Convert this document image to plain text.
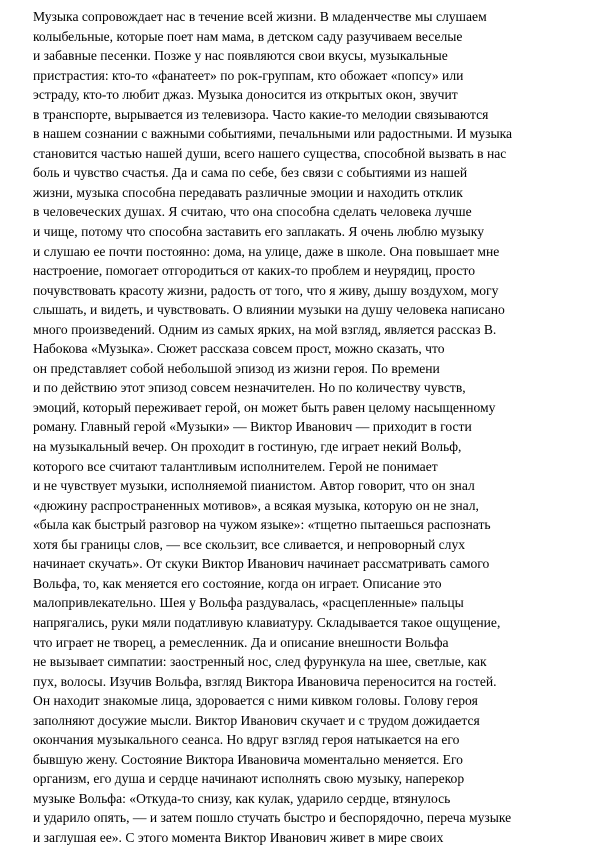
Музыка сопровождает нас в течение всей жизни. В младенчестве мы слушаем
колыбельные, которые поет нам мама, в детском саду разучиваем веселые
и забавные песенки. Позже у нас появляются свои вкусы, музыкальные
пристрастия: кто-то «фанатеет» по рок-группам, кто обожает «попсу» или
эстраду, кто-то любит джаз. Музыка доносится из открытых окон, звучит
в транспорте, вырывается из телевизора. Часто какие-то мелодии связываются
в нашем сознании с важными событиями, печальными или радостными. И музыка
становится частью нашей души, всего нашего существа, способной вызвать в нас
боль и чувство счастья. Да и сама по себе, без связи с событиями из нашей
жизни, музыка способна передавать различные эмоции и находить отклик
в человеческих душах. Я считаю, что она способна сделать человека лучше
и чище, потому что способна заставить его заплакать. Я очень люблю музыку
и слушаю ее почти постоянно: дома, на улице, даже в школе. Она повышает мне
настроение, помогает отгородиться от каких-то проблем и неурядиц, просто
почувствовать красоту жизни, радость от того, что я живу, дышу воздухом, могу
слышать, и видеть, и чувствовать. О влиянии музыки на душу человека написано
много произведений. Одним из самых ярких, на мой взгляд, является рассказ В.
Набокова «Музыка». Сюжет рассказа совсем прост, можно сказать, что
он представляет собой небольшой эпизод из жизни героя. По времени
и по действию этот эпизод совсем незначителен. Но по количеству чувств,
эмоций, который переживает герой, он может быть равен целому насыщенному
роману. Главный герой «Музыки» — Виктор Иванович — приходит в гости
на музыкальный вечер. Он проходит в гостиную, где играет некий Вольф,
которого все считают талантливым исполнителем. Герой не понимает
и не чувствует музыки, исполняемой пианистом. Автор говорит, что он знал
«дюжину распространенных мотивов», а всякая музыка, которую он не знал,
«была как быстрый разговор на чужом языке»: «тщетно пытаешься распознать
хотя бы границы слов, — все скользит, все сливается, и непроворный слух
начинает скучать». От скуки Виктор Иванович начинает рассматривать самого
Вольфа, то, как меняется его состояние, когда он играет. Описание это
малопривлекательно. Шея у Вольфа раздувалась, «расцепленные» пальцы
напрягались, руки мяли податливую клавиатуру. Складывается такое ощущение,
что играет не творец, а ремесленник. Да и описание внешности Вольфа
не вызывает симпатии: заостренный нос, след фурункула на шее, светлые, как
пух, волосы. Изучив Вольфа, взгляд Виктора Ивановича переносится на гостей.
Он находит знакомые лица, здоровается с ними кивком головы. Голову героя
заполняют досужие мысли. Виктор Иванович скучает и с трудом дожидается
окончания музыкального сеанса. Но вдруг взгляд героя натыкается на его
бывшую жену. Состояние Виктора Ивановича моментально меняется. Его
организм, его душа и сердце начинают исполнять свою музыку, наперекор
музыке Вольфа: «Откуда-то снизу, как кулак, ударило сердце, втянулось
и ударило опять, — и затем пошло стучать быстро и беспорядочно, перечa музыке
и заглушая ее». С этого момента Виктор Иванович живет в мире своих
